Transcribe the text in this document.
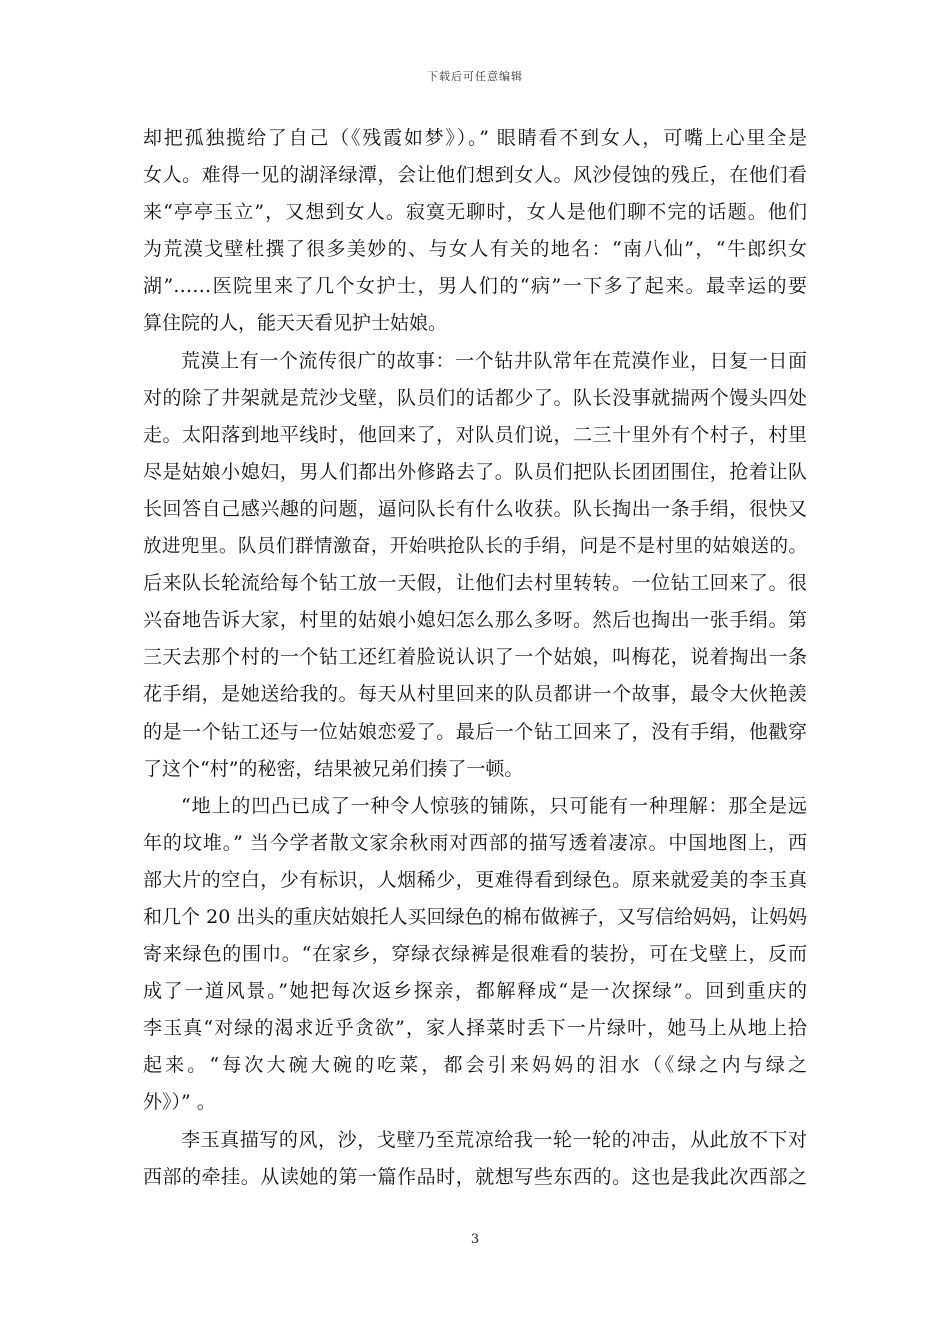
下载后可任意编辑
却把孤独揽给了自己（《残霞如梦》）。” 眼睛看不到女人，可嘴上心里全是
女人。难得一见的湖泽绿潭，会让他们想到女人。风沙侵蚀的残丘，在他们看
来“亭亭玉立”，又想到女人。寂寞无聊时，女人是他们聊不完的话题。他们
为荒漠戈壁杜撰了很多美妙的、与女人有关的地名：“南八仙”，“牛郎织女
湖”……医院里来了几个女护士，男人们的“病”一下多了起来。最幸运的要
算住院的人，能天天看见护士姑娘。
荒漠上有一个流传很广的故事：一个钻井队常年在荒漠作业，日复一日面
对的除了井架就是荒沙戈壁，队员们的话都少了。队长没事就揣两个馒头四处
走。太阳落到地平线时，他回来了，对队员们说，二三十里外有个村子，村里
尽是姑娘小媳妇，男人们都出外修路去了。队员们把队长团团围住，抢着让队
长回答自己感兴趣的问题，逼问队长有什么收获。队长掏出一条手绢，很快又
放进兜里。队员们群情激奋，开始哄抢队长的手绢，问是不是村里的姑娘送的。
后来队长轮流给每个钻工放一天假，让他们去村里转转。一位钻工回来了。很
兴奋地告诉大家，村里的姑娘小媳妇怎么那么多呀。然后也掏出一张手绢。第
三天去那个村的一个钻工还红着脸说认识了一个姑娘，叫梅花，说着掏出一条
花手绢，是她送给我的。每天从村里回来的队员都讲一个故事，最令大伙艳羡
的是一个钻工还与一位姑娘恋爱了。最后一个钻工回来了，没有手绢，他戳穿
了这个“村”的秘密，结果被兄弟们揍了一顿。
“地上的凹凸已成了一种令人惊骇的铺陈，只可能有一种理解：那全是远
年的坟堆。” 当今学者散文家余秋雨对西部的描写透着凄凉。中国地图上，西
部大片的空白，少有标识，人烟稀少，更难得看到绿色。原来就爱美的李玉真
和几个 20 出头的重庆姑娘托人买回绿色的棉布做裤子，又写信给妈妈，让妈妈
寄来绿色的围巾。“在家乡，穿绿衣绿裤是很难看的装扮，可在戈壁上，反而
成了一道风景。”她把每次返乡探亲，都解释成“是一次探绿”。回到重庆的
李玉真“对绿的渴求近乎贪欲”，家人择菜时丢下一片绿叶，她马上从地上拾
起来。“每次大碗大碗的吃菜，都会引来妈妈的泪水（《绿之内与绿之
外》）” 。
李玉真描写的风，沙，戈壁乃至荒凉给我一轮一轮的冲击，从此放不下对
西部的牵挂。从读她的第一篇作品时，就想写些东西的。这也是我此次西部之
3
